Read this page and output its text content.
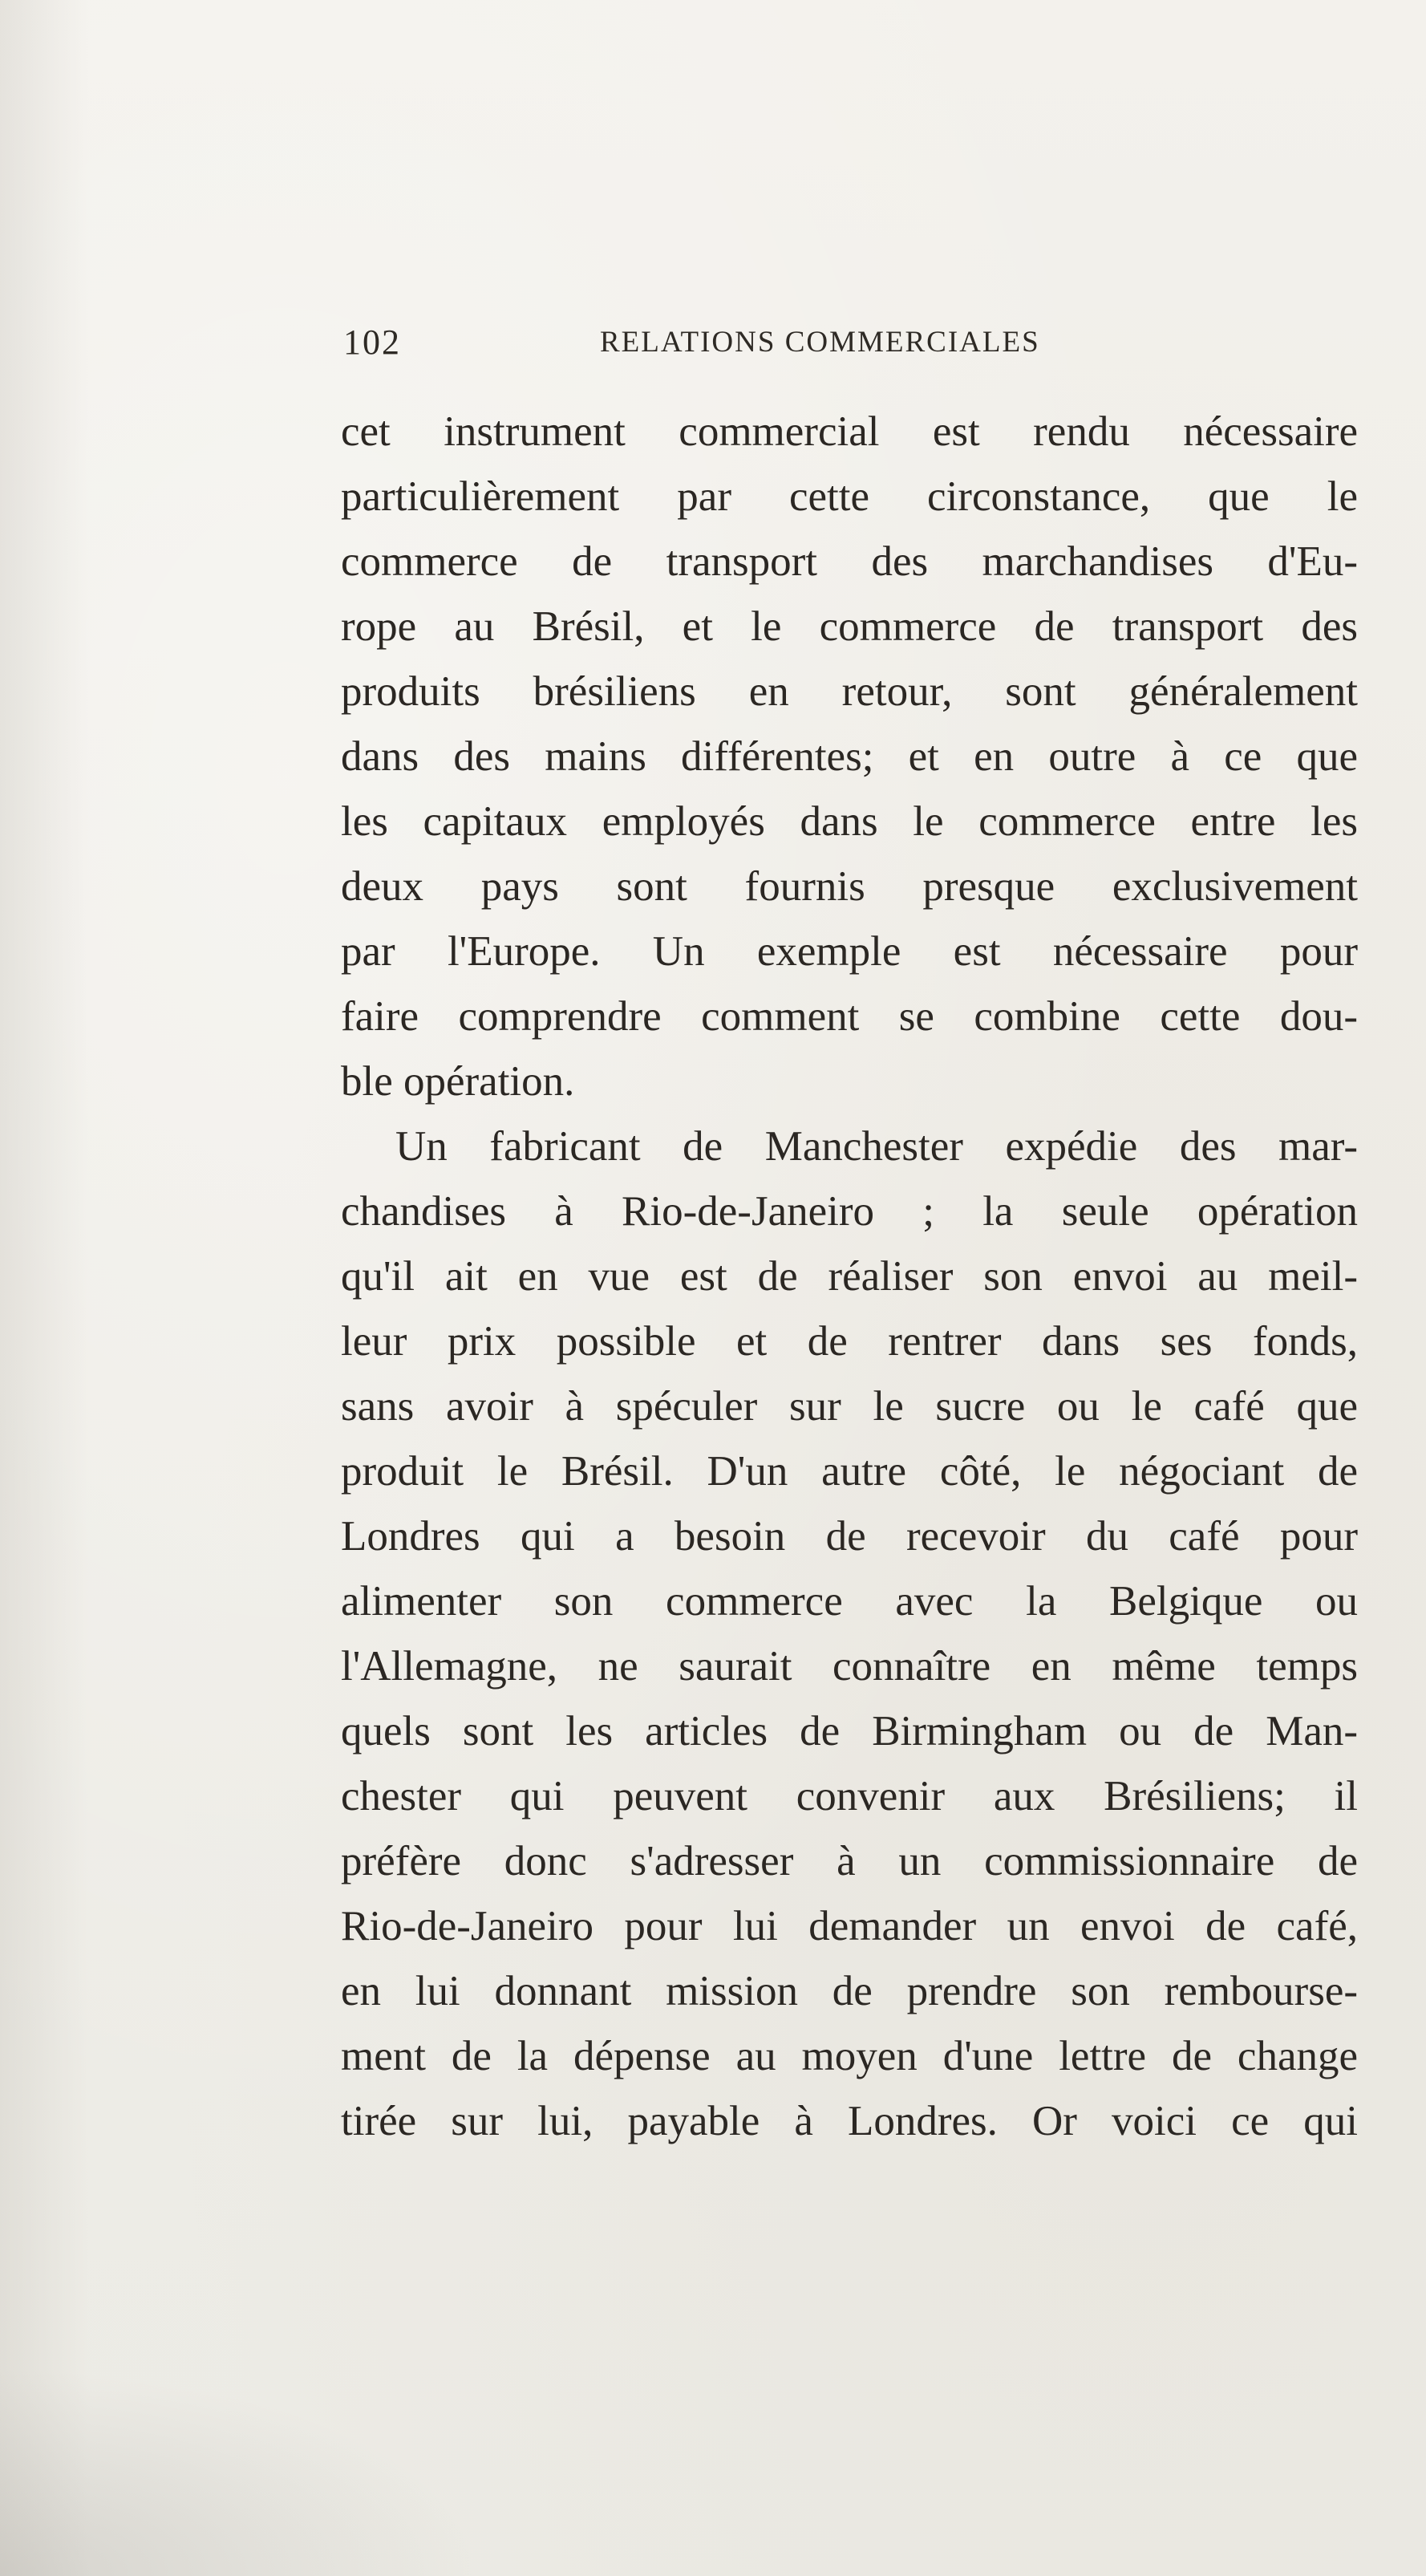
102	RELATIONS COMMERCIALES
cet instrument commercial est rendu nécessaire
particulièrement par cette circonstance, que le
commerce de transport des marchandises d'Eu-
rope au Brésil, et le commerce de transport des
produits brésiliens en retour, sont généralement
dans des mains différentes; et en outre à ce que
les capitaux employés dans le commerce entre les
deux pays sont fournis presque exclusivement
par l'Europe. Un exemple est nécessaire pour
faire comprendre comment se combine cette dou-
ble opération.
Un fabricant de Manchester expédie des mar-
chandises à Rio-de-Janeiro ; la seule opération
qu'il ait en vue est de réaliser son envoi au meil-
leur prix possible et de rentrer dans ses fonds,
sans avoir à spéculer sur le sucre ou le café que
produit le Brésil. D'un autre côté, le négociant de
Londres qui a besoin de recevoir du café pour
alimenter son commerce avec la Belgique ou
l'Allemagne, ne saurait connaître en même temps
quels sont les articles de Birmingham ou de Man-
chester qui peuvent convenir aux Brésiliens; il
préfère donc s'adresser à un commissionnaire de
Rio-de-Janeiro pour lui demander un envoi de café,
en lui donnant mission de prendre son rembourse-
ment de la dépense au moyen d'une lettre de change
tirée sur lui, payable à Londres. Or voici ce qui
